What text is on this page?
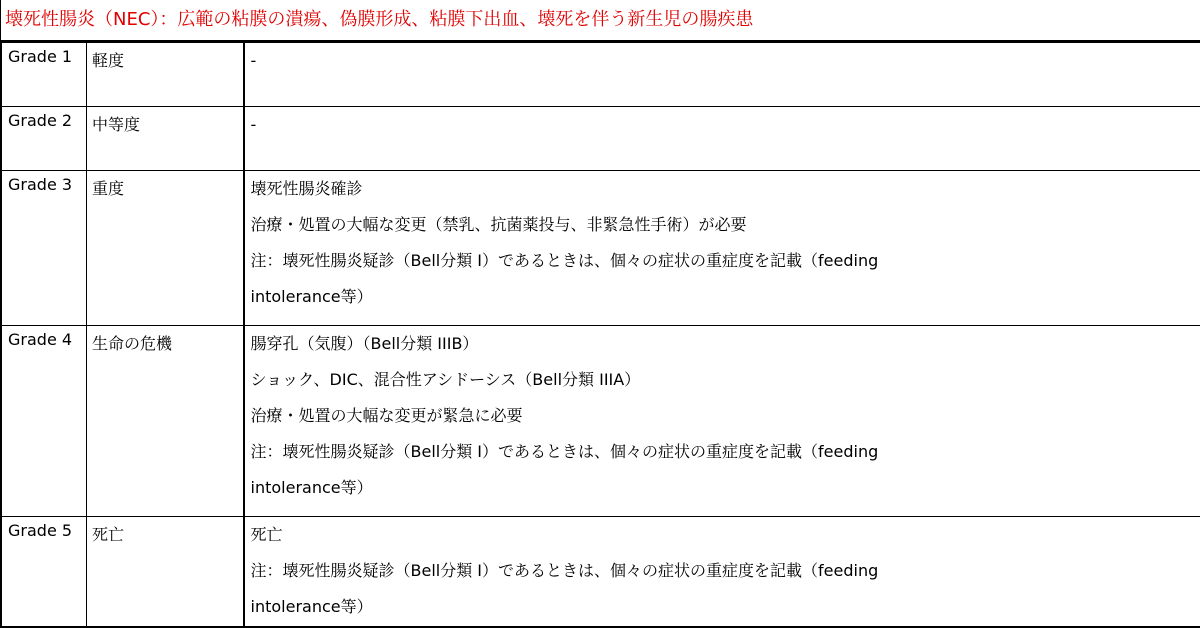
壊死性腸炎（NEC）：広範の粘膜の潰瘍、偽膜形成、粘膜下出血、壊死を伴う新生児の腸疾患
Grade 1	軽度	-

Grade 2	中等度	-

Grade 3	重度	壊死性腸炎確診
治療・処置の大幅な変更（禁乳、抗菌薬投与、非緊急性手術）が必要
注：壊死性腸炎疑診（Bell分類 I）であるときは、個々の症状の重症度を記載（feeding
intolerance等）

Grade 4	生命の危機	腸穿孔（気腹）（Bell分類 IIIB）
ショック、DIC、混合性アシドーシス（Bell分類 IIIA）
治療・処置の大幅な変更が緊急に必要
注：壊死性腸炎疑診（Bell分類 I）であるときは、個々の症状の重症度を記載（feeding
intolerance等）

Grade 5	死亡	死亡
注：壊死性腸炎疑診（Bell分類 I）であるときは、個々の症状の重症度を記載（feeding
intolerance等）
